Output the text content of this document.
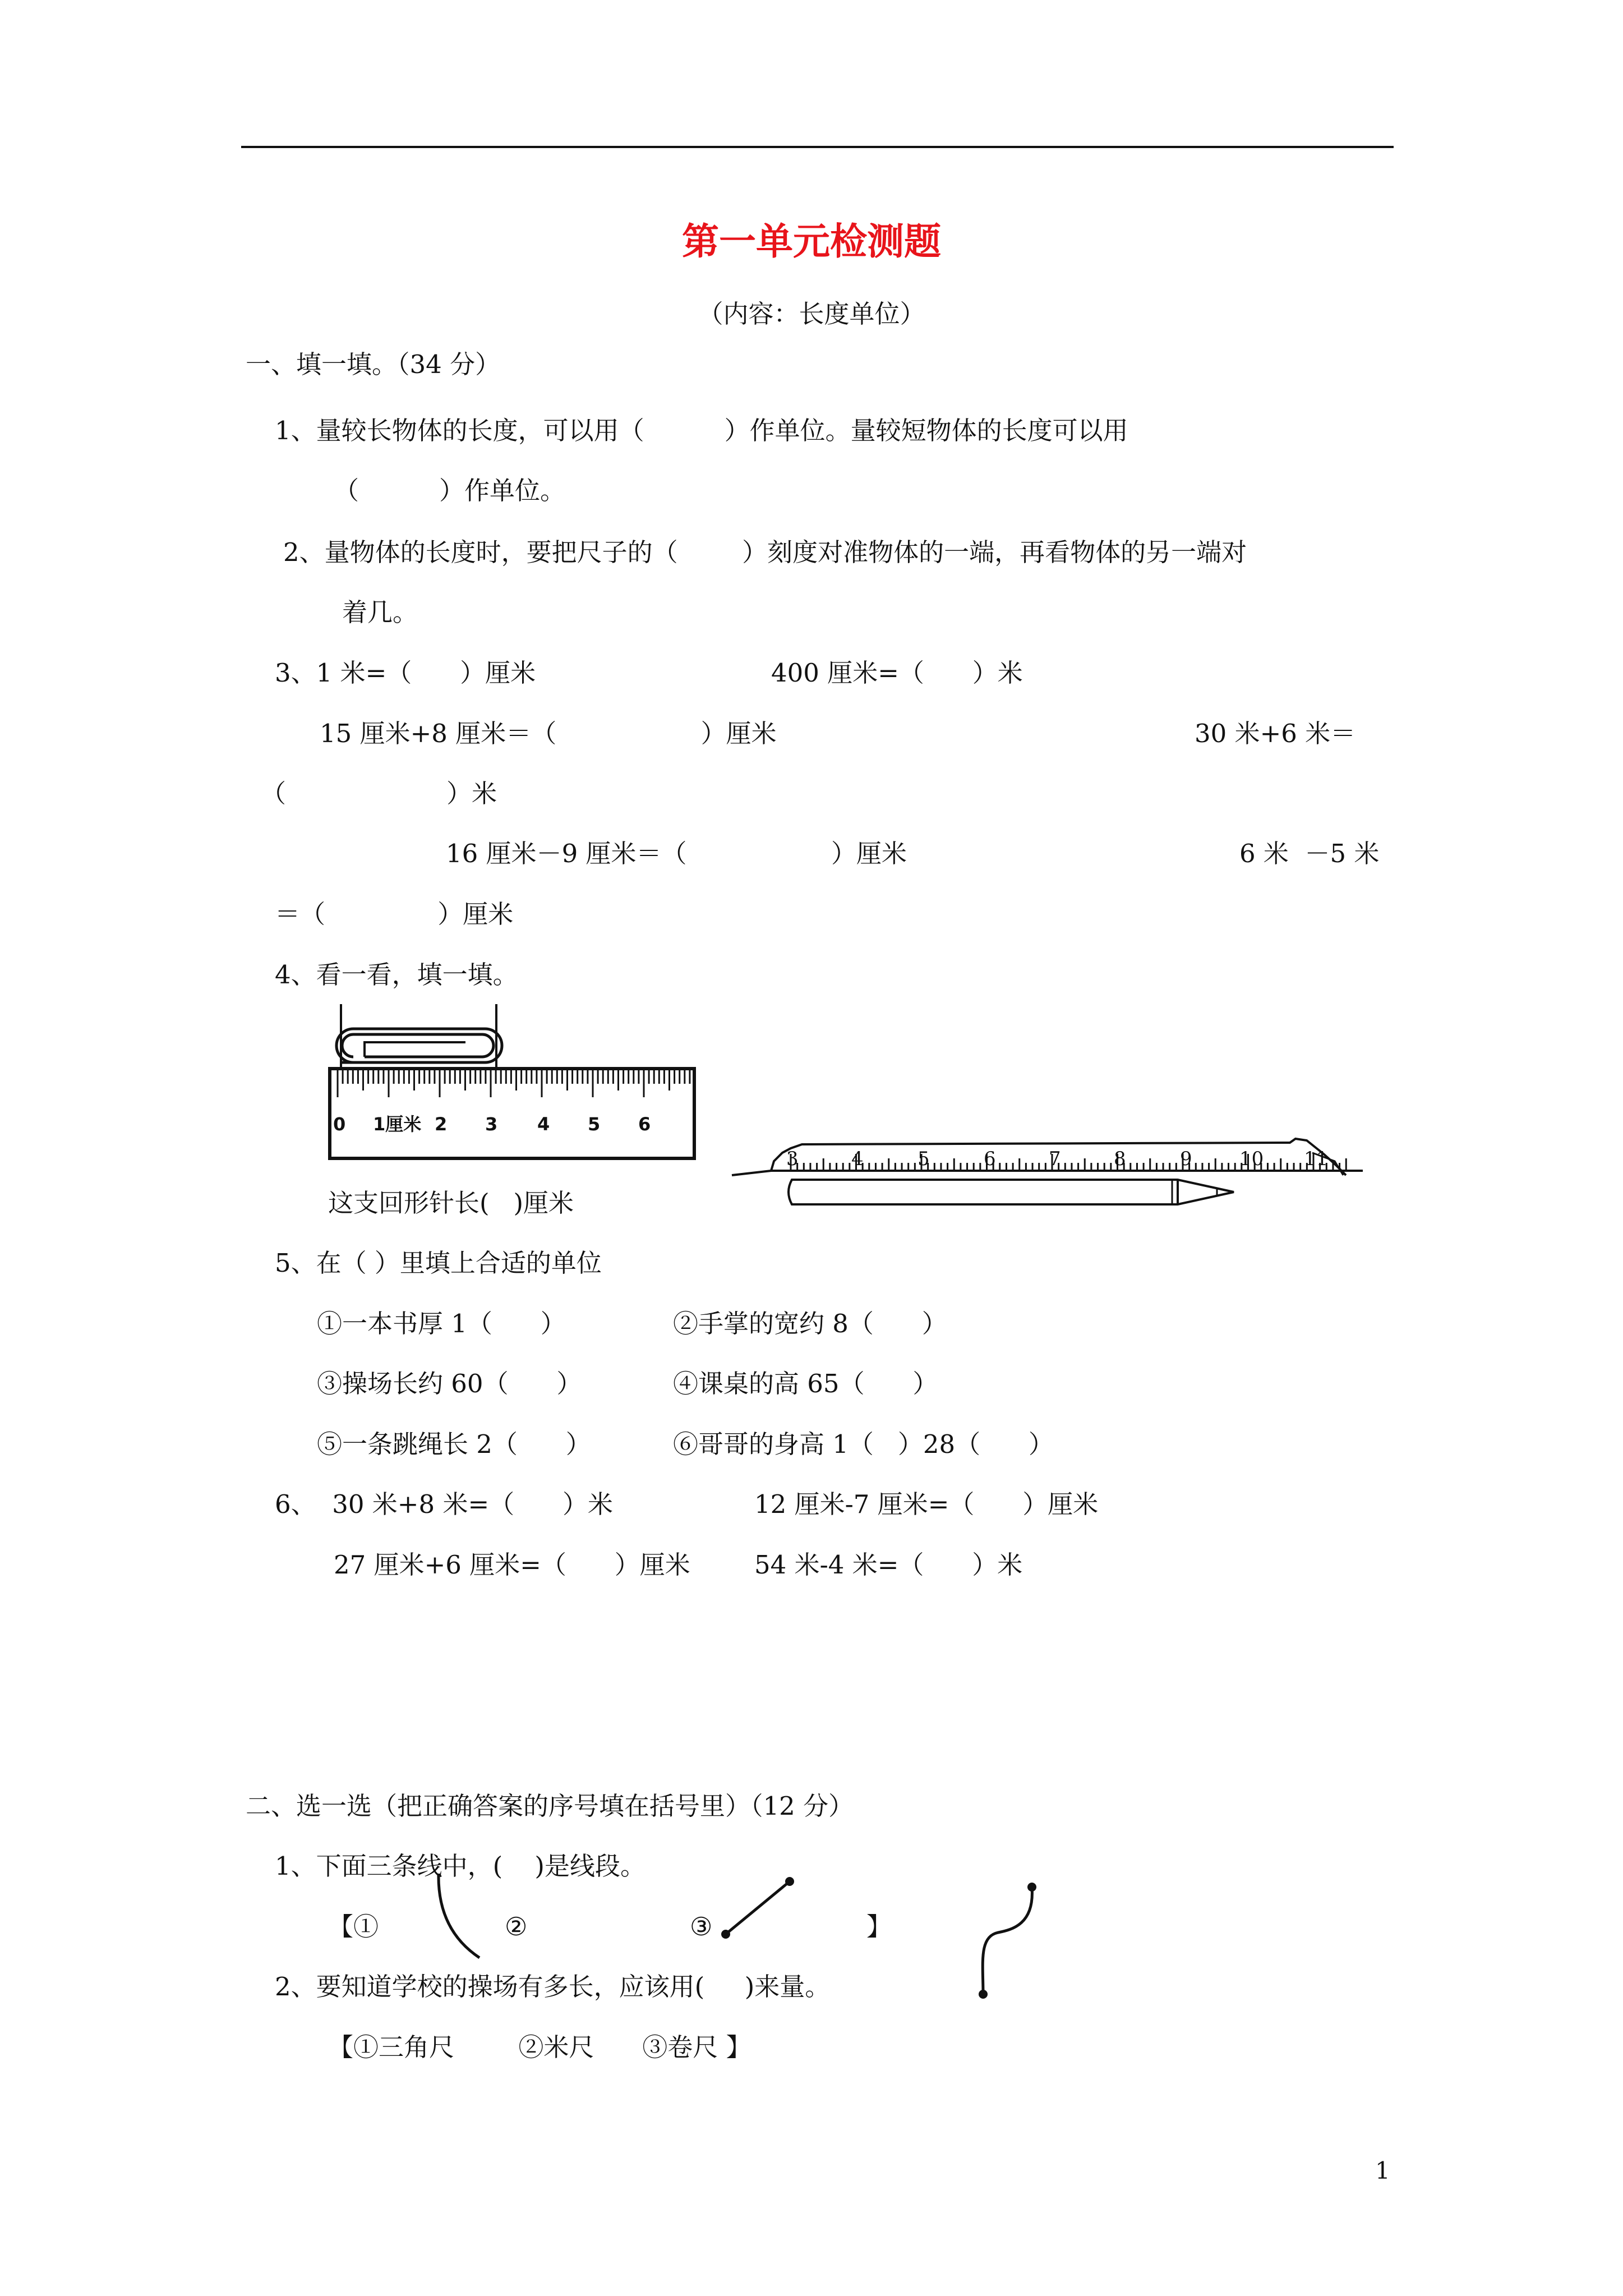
第一单元检测题
（内容：长度单位）
一、填一填。（34 分）
1、量较长物体的长度，可以用（          ）作单位。量较短物体的长度可以用
（          ）作单位。
2、量物体的长度时，要把尺子的（        ）刻度对准物体的一端，再看物体的另一端对
着几。
3、1 米=（      ）厘米	400 厘米=（      ）米
15 厘米+8 厘米＝（                  ）厘米	30 米+6 米＝
（                    ）米
16 厘米－9 厘米＝（                  ）厘米	6 米  －5 米
＝（              ）厘米
4、看一看，填一填。
0 1厘米 2 3 4 5 6
3	4	5	6	7	8	9 10 11
这支回形针长(   )厘米
5、在（ ）里填上合适的单位
①一本书厚 1（      ）	②手掌的宽约 8（      ）
③操场长约 60（      ）	④课桌的高 65（      ）
⑤一条跳绳长 2（      ）	⑥哥哥的身高 1（   ）28（      ）
6、  30 米+8 米=（      ）米	12 厘米-7 厘米=（      ）厘米
27 厘米+6 厘米=（      ）厘米	54 米-4 米=（      ）米
二、选一选（把正确答案的序号填在括号里）（12 分）
1、下面三条线中，(    )是线段。
【①	②	③	】
2、要知道学校的操场有多长，应该用(     )来量。
【①三角尺        ②米尺      ③卷尺 】
1
